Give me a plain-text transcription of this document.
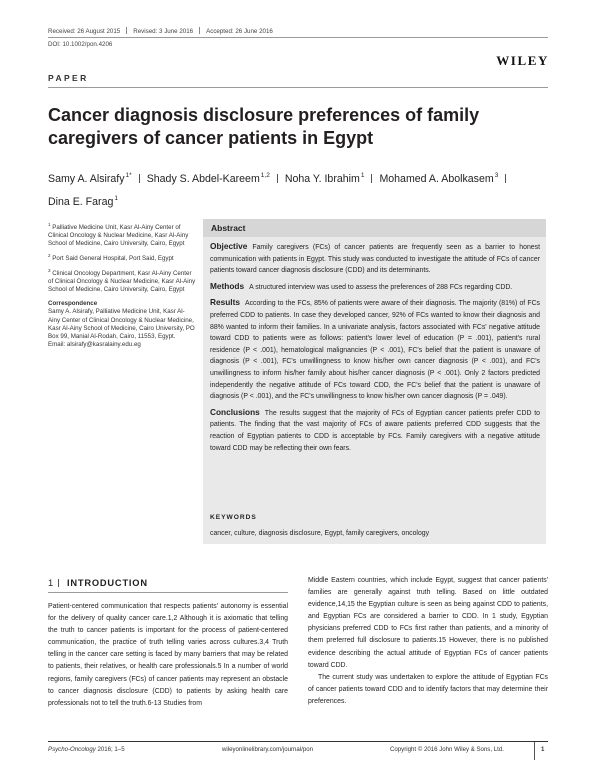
Received: 26 August 2015 Revised: 3 June 2016 Accepted: 26 June 2016
DOI: 10.1002/pon.4206
WILEY
PAPER
Cancer diagnosis disclosure preferences of family caregivers of cancer patients in Egypt
Samy A. Alsirafy$^{1*}$ Shady S. Abdel-Kareem$^{1,2}$ Noha Y. Ibrahim$^1$ Mohamed A. Abolkasem$^3$
Dina E. Farag$^1$

$^1$ Palliative Medicine Unit, Kasr Al-Ainy Center of Clinical Oncology & Nuclear Medicine, Kasr Al-Ainy School of Medicine, Cairo University, Cairo, Egypt

$^2$ Port Said General Hospital, Port Said, Egypt

$^3$ Clinical Oncology Department, Kasr Al-Ainy Center of Clinical Oncology & Nuclear Medicine, Kasr Al-Ainy School of Medicine, Cairo University, Cairo, Egypt

Correspondence

Samy A. Alsirafy, Palliative Medicine Unit, Kasr Al-Ainy Center of Clinical Oncology & Nuclear Medicine, Kasr Al-Ainy School of Medicine, Cairo University, PO Box 99, Manial Al-Rodah, Cairo, 11553, Egypt.

Email: alsirafy@kasralainy.edu.eg

Abstract

Objective Family caregivers (FCs) of cancer patients are frequently seen as a barrier to honest communication with patients in Egypt. This study was conducted to investigate the attitude of FCs of cancer patients toward cancer diagnosis disclosure (CDD) and its determinants.

Methods A structured interview was used to assess the preferences of 288 FCs regarding CDD.

Results According to the FCs, 85% of patients were aware of their diagnosis. The majority (81%) of FCs preferred CDD to patients. In case they developed cancer, 92% of FCs wanted to know their diagnosis and 88% wanted to inform their families. In a univariate analysis, factors associated with FCs' negative attitude toward CDD to patients were as follows: patient's lower level of education (P = .001), patient's rural residence (P < .001), hematological malignancies (P < .001), FC's belief that the patient is unaware of diagnosis (P < .001), FC's unwillingness to know his/her own cancer diagnosis (P < .001), and FC's unwillingness to inform his/her family about his/her cancer diagnosis (P < .001). Only 2 factors predicted independently the negative attitude of FCs toward CDD, the FC's belief that the patient is unaware of diagnosis (P < .001), and the FC's unwillingness to know his/her own cancer diagnosis (P = .049).

Conclusions The results suggest that the majority of FCs of Egyptian cancer patients prefer CDD to patients. The finding that the vast majority of FCs of aware patients preferred CDD suggests that the reaction of Egyptian patients to CDD is acceptable by FCs. Family caregivers with a negative attitude toward CDD may be reflecting their own fears.

KEYWORDS
cancer, culture, diagnosis disclosure, Egypt, family caregivers, oncology
1 INTRODUCTION

Patient-centered communication that respects patients' autonomy is essential for the delivery of quality cancer care.1,2 Although it is axiomatic that telling the truth to cancer patients is important for the process of patient-centered communication, the practice of truth telling varies across cultures.3,4 Truth telling in the cancer care setting is faced by many barriers that may be related to patients, their relatives, or health care professionals.5 In a number of world regions, family caregivers (FCs) of cancer patients may represent an obstacle to cancer diagnosis disclosure (CDD) to patients by asking health care professionals not to tell the truth.6-13 Studies from

Middle Eastern countries, which include Egypt, suggest that cancer patients' families are generally against truth telling. Based on little outdated evidence,14,15 the Egyptian culture is seen as being against CDD to patients, and Egyptian FCs are considered a barrier to CDD. In 1 study, Egyptian physicians preferred CDD to FCs first rather than patients, and a minority of them preferred full disclosure to patients.15 However, there is no published evidence describing the actual attitude of Egyptian FCs of cancer patients toward CDD.

The current study was undertaken to explore the attitude of Egyptian FCs of cancer patients toward CDD and to identify factors that may determine their preferences.

Psycho-Oncology 2016; 1–5	wileyonlinelibrary.com/journal/pon	Copyright © 2016 John Wiley & Sons, Ltd.	1
